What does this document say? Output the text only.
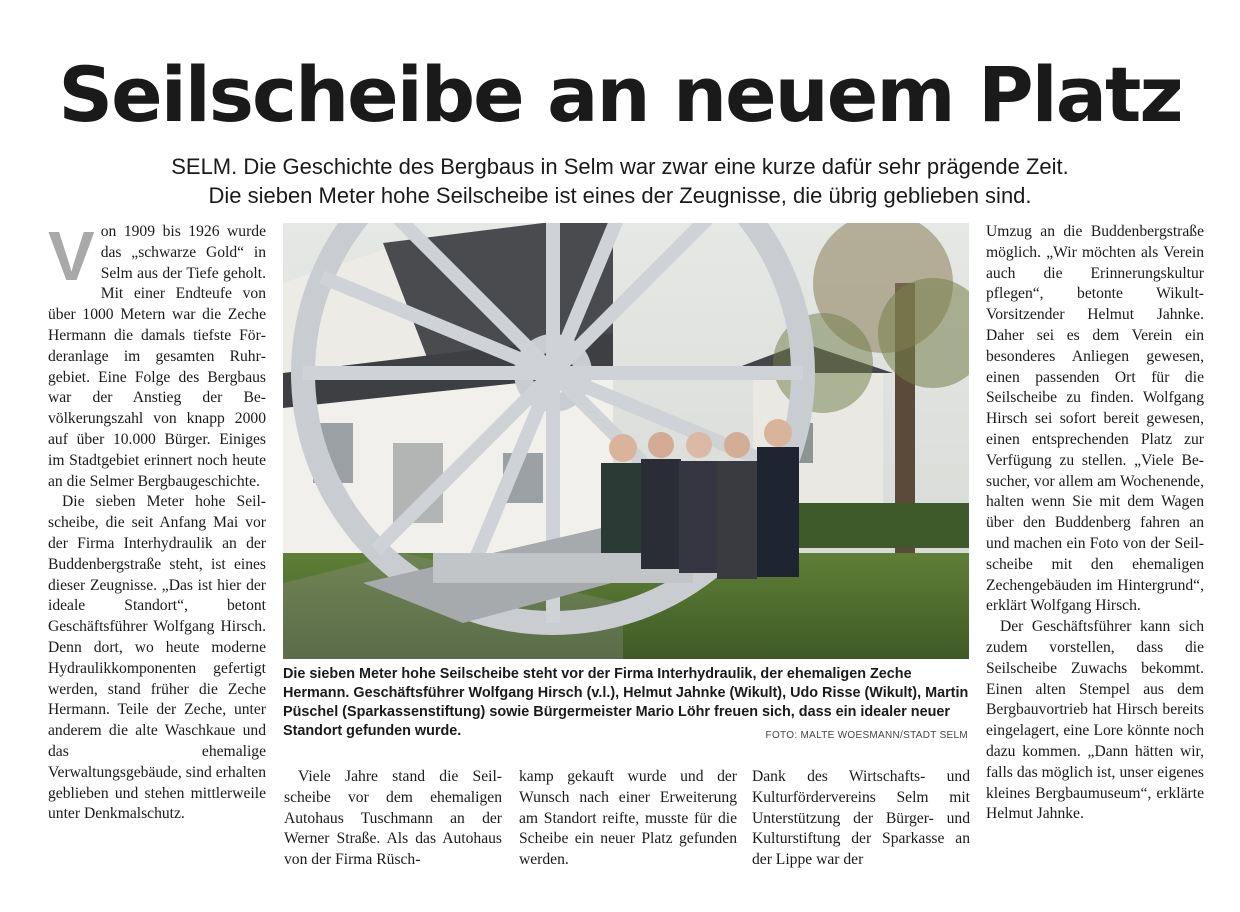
Seilscheibe an neuem Platz

SELM. Die Geschichte des Bergbaus in Selm war zwar eine kurze dafür sehr prägende Zeit.
Die sieben Meter hohe Seilscheibe ist eines der Zeugnisse, die übrig geblieben sind.

Von 1909 bis 1926 wurde das „schwarze Gold“ in Selm aus der Tiefe geholt. Mit einer Endteufe von über 1000 Metern war die Zeche Hermann die damals tiefste Förderanlage im gesamten Ruhrgebiet. Eine Folge des Bergbaus war der Anstieg der Bevölkerungszahl von knapp 2000 auf über 10.000 Bürger. Einiges im Stadtgebiet erinnert noch heute an die Selmer Bergbaugeschichte.

Die sieben Meter hohe Seilscheibe, die seit Anfang Mai vor der Firma Interhydraulik an der Buddenbergstraße steht, ist eines dieser Zeugnisse. „Das ist hier der ideale Standort“, betont Geschäftsführer Wolfgang Hirsch. Denn dort, wo heute moderne Hydraulikkomponenten gefertigt werden, stand früher die Zeche Hermann. Teile der Zeche, unter anderem die alte Waschkaue und das ehemalige Verwaltungsgebäude, sind erhalten geblieben und stehen mittlerweile unter Denkmalschutz.

Die sieben Meter hohe Seilscheibe steht vor der Firma Interhydraulik, der ehemaligen Zeche Hermann. Geschäftsführer Wolfgang Hirsch (v.l.), Helmut Jahnke (Wikult), Udo Risse (Wikult), Martin Püschel (Sparkassenstiftung) sowie Bürgermeister Mario Löhr freuen sich, dass ein idealer neuer Standort gefunden wurde.	FOTO: MALTE WOESMANN/STADT SELM

Viele Jahre stand die Seilscheibe vor dem ehemaligen Autohaus Tuschmann an der Werner Straße. Als das Autohaus von der Firma Rüsch-

kamp gekauft wurde und der Wunsch nach einer Erweiterung am Standort reifte, musste für die Scheibe ein neuer Platz gefunden werden.

Dank des Wirtschafts- und Kulturfördervereins Selm mit Unterstützung der Bürger- und Kulturstiftung der Sparkasse an der Lippe war der

Umzug an die Buddenbergstraße möglich. „Wir möchten als Verein auch die Erinnerungskultur pflegen“, betonte Wikult-Vorsitzender Helmut Jahnke. Daher sei es dem Verein ein besonderes Anliegen gewesen, einen passenden Ort für die Seilscheibe zu finden. Wolfgang Hirsch sei sofort bereit gewesen, einen entsprechenden Platz zur Verfügung zu stellen. „Viele Besucher, vor allem am Wochenende, halten wenn Sie mit dem Wagen über den Buddenberg fahren an und machen ein Foto von der Seilscheibe mit den ehemaligen Zechengebäuden im Hintergrund“, erklärt Wolfgang Hirsch.

Der Geschäftsführer kann sich zudem vorstellen, dass die Seilscheibe Zuwachs bekommt. Einen alten Stempel aus dem Bergbauvortrieb hat Hirsch bereits eingelagert, eine Lore könnte noch dazu kommen. „Dann hätten wir, falls das möglich ist, unser eigenes kleines Bergbaumuseum“, erklärte Helmut Jahnke.
